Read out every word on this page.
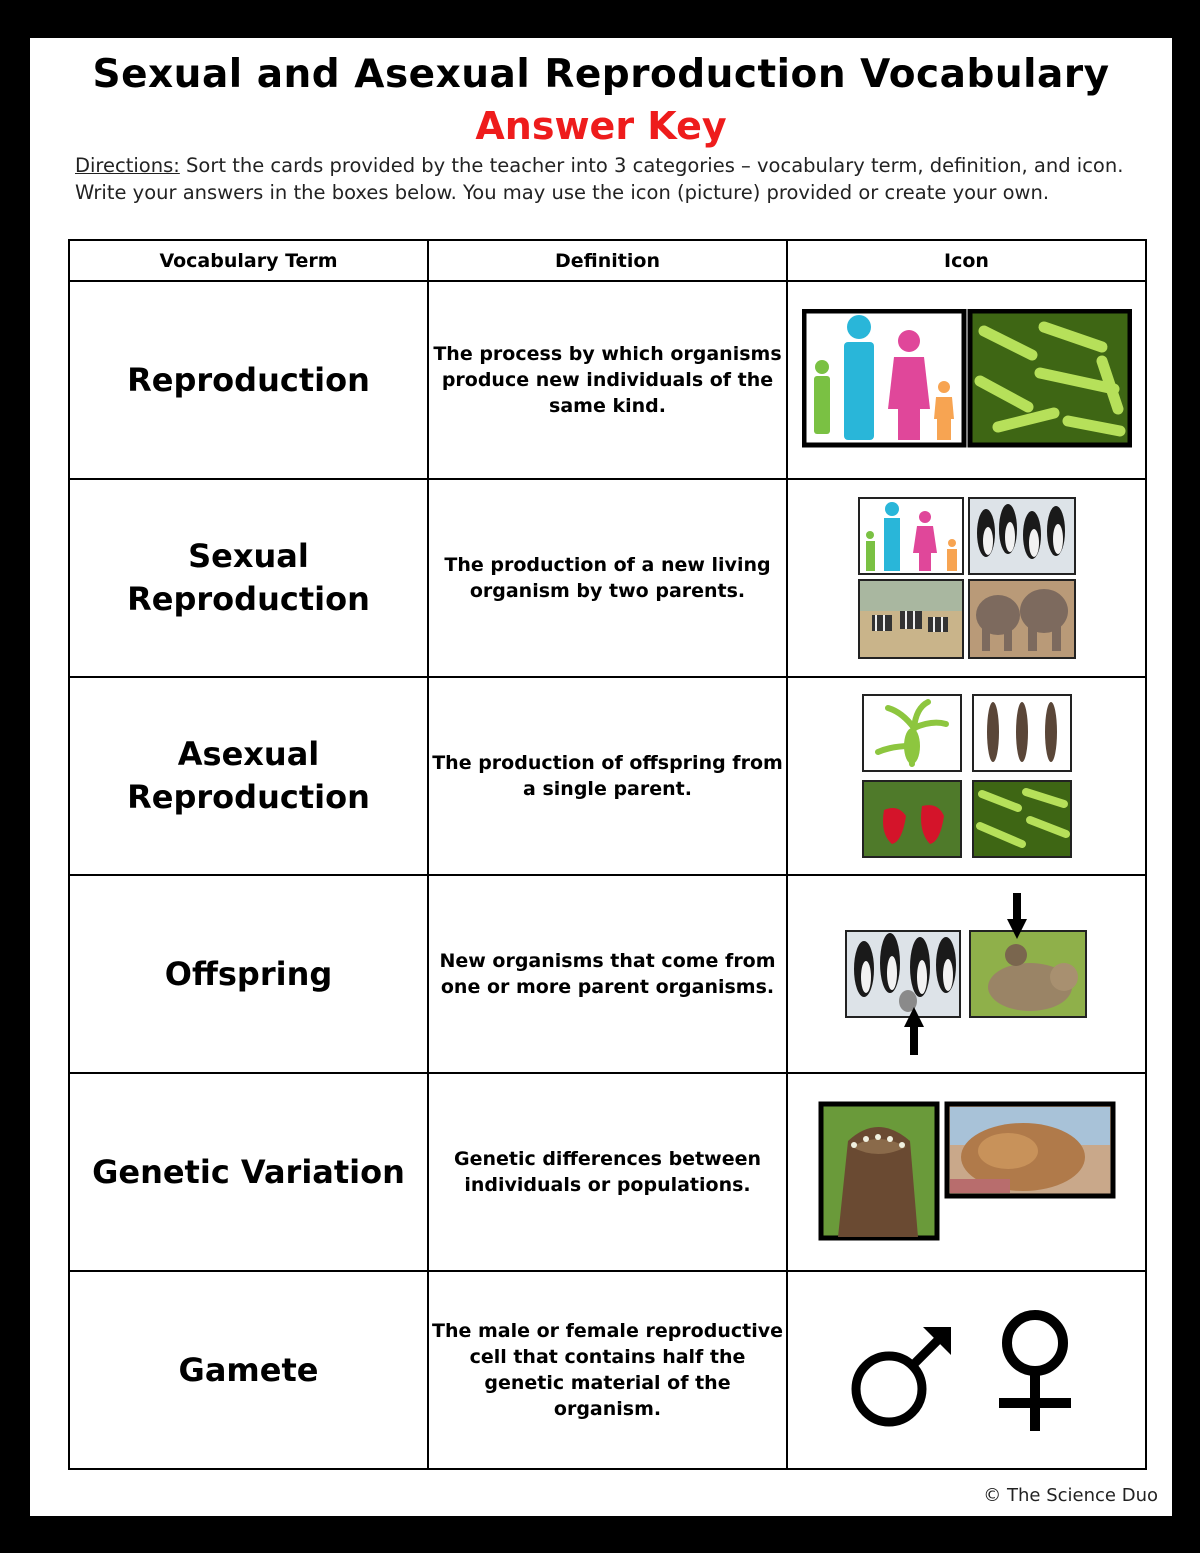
Sexual and Asexual Reproduction Vocabulary
Answer Key
Directions: Sort the cards provided by the teacher into 3 categories – vocabulary term, definition, and icon. Write your answers in the boxes below. You may use the icon (picture) provided or create your own.
Vocabulary Term	Definition	Icon
Reproduction	The process by which organisms produce new individuals of the same kind.	

Sexual Reproduction	The production of a new living organism by two parents.	

Asexual Reproduction	The production of offspring from a single parent.	

Offspring	New organisms that come from one or more parent organisms.	

Genetic Variation	Genetic differences between individuals or populations.	

Gamete	The male or female reproductive cell that contains half the genetic material of the organism.	
© The Science Duo
